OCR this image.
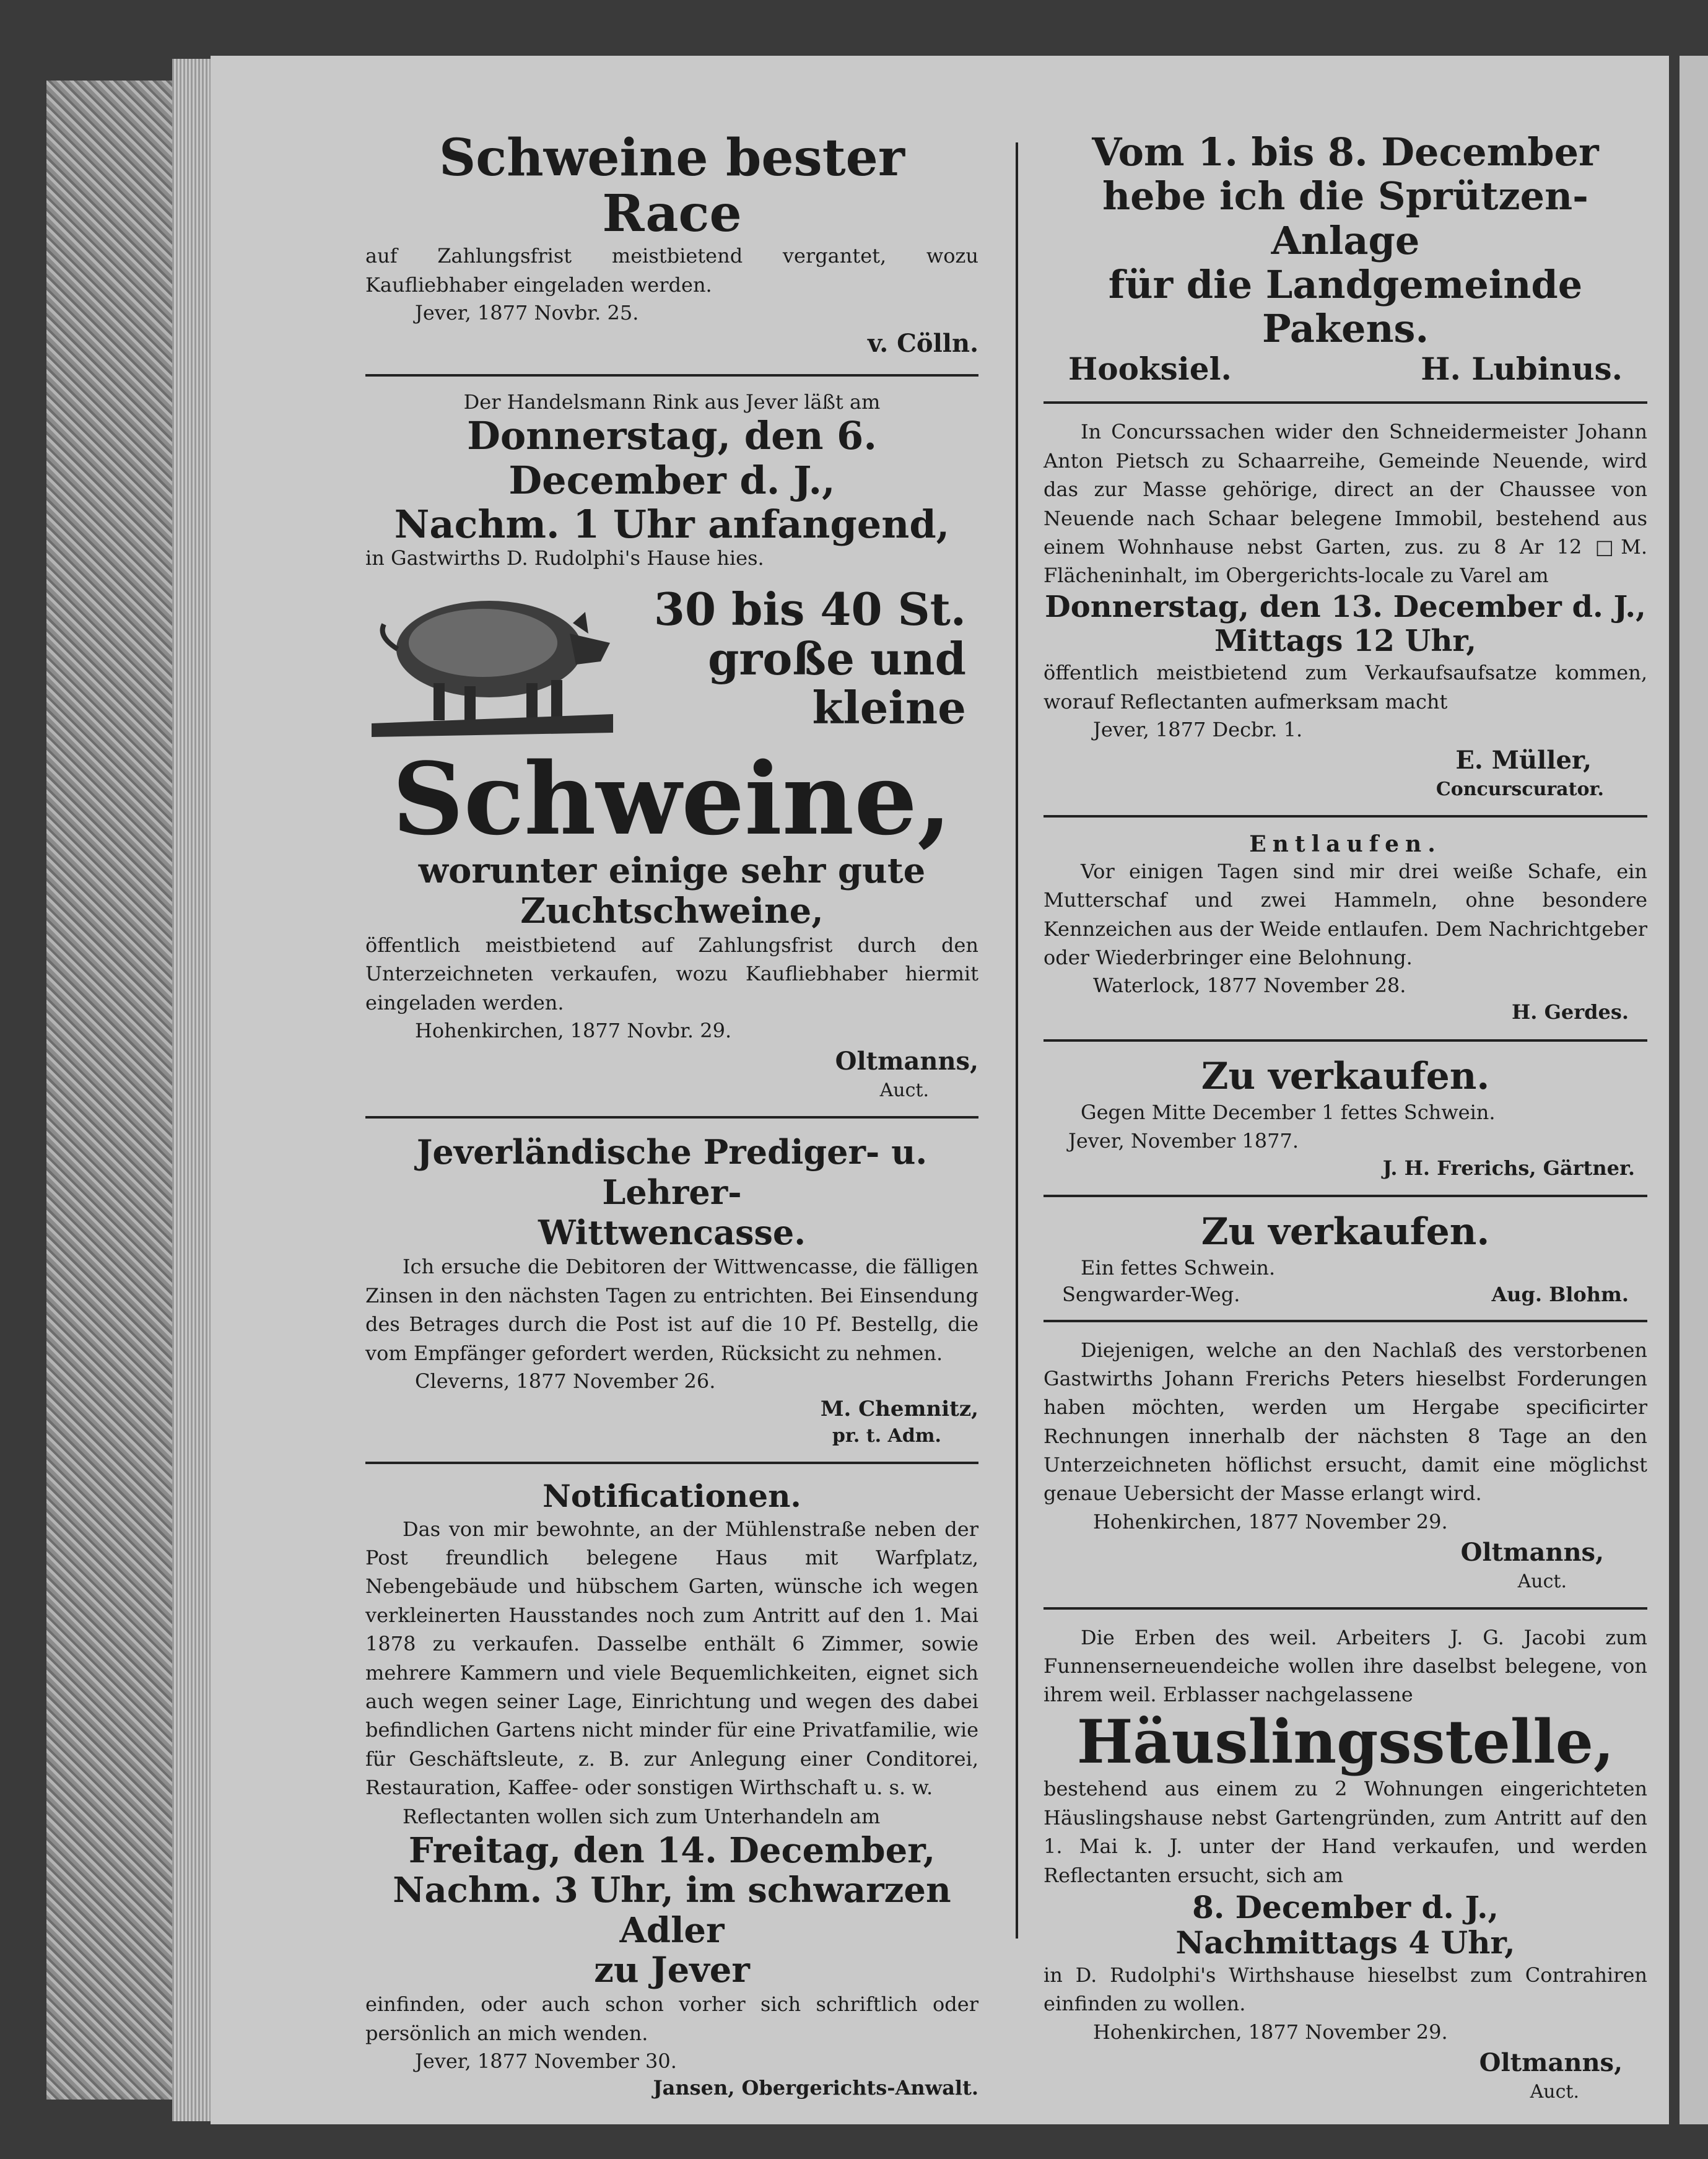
Schweine bester Race
auf Zahlungsfrist meistbietend vergantet, wozu Kaufliebhaber eingeladen werden.
Jever, 1877 Novbr. 25.
v. Cölln.
Der Handelsmann Rink aus Jever läßt am
Donnerstag, den 6. December d. J.,
Nachm. 1 Uhr anfangend,
in Gastwirths D. Rudolphi's Hause hies.
30 bis 40 St.
große und
kleine
Schweine,
worunter einige sehr gute
Zuchtschweine,
öffentlich meistbietend auf Zahlungsfrist durch den Unterzeichneten verkaufen, wozu Kaufliebhaber hiermit eingeladen werden.
Hohenkirchen, 1877 Novbr. 29.
Oltmanns,
Auct.
Jeverländische Prediger- u. Lehrer-
Wittwencasse.
Ich ersuche die Debitoren der Wittwencasse, die fälligen Zinsen in den nächsten Tagen zu entrichten. Bei Einsendung des Betrages durch die Post ist auf die 10 Pf. Bestellg, die vom Empfänger gefordert werden, Rücksicht zu nehmen.
Cleverns, 1877 November 26.
M. Chemnitz,
pr. t. Adm.
Notificationen.
Das von mir bewohnte, an der Mühlenstraße neben der Post freundlich belegene Haus mit Warfplatz, Nebengebäude und hübschem Garten, wünsche ich wegen verkleinerten Hausstandes noch zum Antritt auf den 1. Mai 1878 zu verkaufen. Dasselbe enthält 6 Zimmer, sowie mehrere Kammern und viele Bequemlichkeiten, eignet sich auch wegen seiner Lage, Einrichtung und wegen des dabei befindlichen Gartens nicht minder für eine Privatfamilie, wie für Geschäftsleute, z. B. zur Anlegung einer Conditorei, Restauration, Kaffee- oder sonstigen Wirthschaft u. s. w.
Reflectanten wollen sich zum Unterhandeln am
Freitag, den 14. December,
Nachm. 3 Uhr, im schwarzen Adler
zu Jever
einfinden, oder auch schon vorher sich schriftlich oder persönlich an mich wenden.
Jever, 1877 November 30.
Jansen, Obergerichts-Anwalt.
Vom 1. bis 8. December
hebe ich die Sprützen-Anlage
für die Landgemeinde Pakens.
Hooksiel.	H. Lubinus.
In Concurssachen wider den Schneidermeister Johann Anton Pietsch zu Schaarreihe, Gemeinde Neuende, wird das zur Masse gehörige, direct an der Chaussee von Neuende nach Schaar belegene Immobil, bestehend aus einem Wohnhause nebst Garten, zus. zu 8 Ar 12 □M. Flächeninhalt, im Obergerichts-locale zu Varel am
Donnerstag, den 13. December d. J.,
Mittags 12 Uhr,
öffentlich meistbietend zum Verkaufsaufsatze kommen, worauf Reflectanten aufmerksam macht
Jever, 1877 Decbr. 1.
E. Müller,
Concurscurator.
Entlaufen.
Vor einigen Tagen sind mir drei weiße Schafe, ein Mutterschaf und zwei Hammeln, ohne besondere Kennzeichen aus der Weide entlaufen. Dem Nachrichtgeber oder Wiederbringer eine Belohnung.
Waterlock, 1877 November 28.
H. Gerdes.
Zu verkaufen.
Gegen Mitte December 1 fettes Schwein.
Jever, November 1877.
J. H. Frerichs, Gärtner.
Zu verkaufen.
Ein fettes Schwein.
Sengwarder-Weg.	Aug. Blohm.
Diejenigen, welche an den Nachlaß des verstorbenen Gastwirths Johann Frerichs Peters hieselbst Forderungen haben möchten, werden um Hergabe specificirter Rechnungen innerhalb der nächsten 8 Tage an den Unterzeichneten höflichst ersucht, damit eine möglichst genaue Uebersicht der Masse erlangt wird.
Hohenkirchen, 1877 November 29.
Oltmanns,
Auct.
Die Erben des weil. Arbeiters J. G. Jacobi zum Funnenserneuendeiche wollen ihre daselbst belegene, von ihrem weil. Erblasser nachgelassene
Häuslingsstelle,
bestehend aus einem zu 2 Wohnungen eingerichteten Häuslingshause nebst Gartengründen, zum Antritt auf den 1. Mai k. J. unter der Hand verkaufen, und werden Reflectanten ersucht, sich am
8. December d. J.,
Nachmittags 4 Uhr,
in D. Rudolphi's Wirthshause hieselbst zum Contrahiren einfinden zu wollen.
Hohenkirchen, 1877 November 29.
Oltmanns,
Auct.
